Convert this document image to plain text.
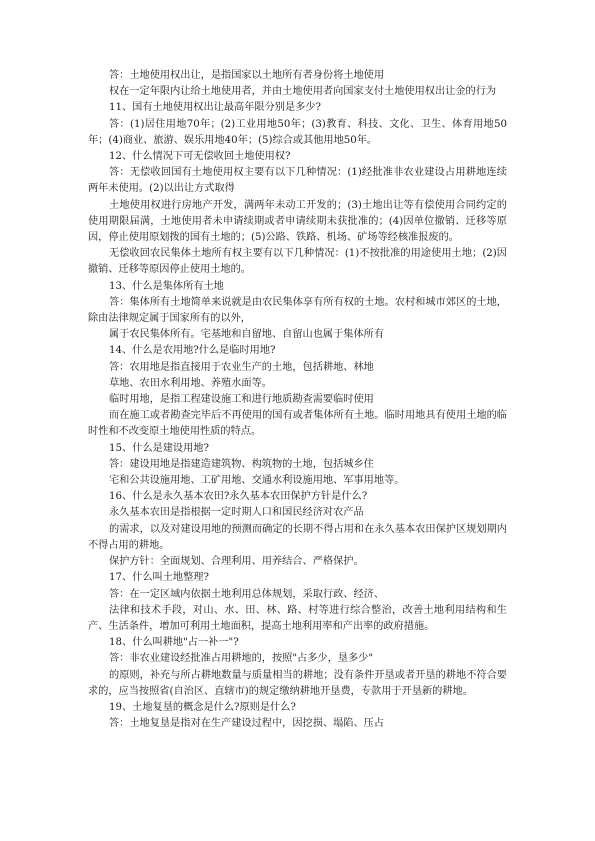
答：土地使用权出让，是指国家以土地所有者身份将土地使用

权在一定年限内让给土地使用者，并由土地使用者向国家支付土地使用权出让金的行为

11、国有土地使用权出让最高年限分别是多少?

答：(1)居住用地70年；(2)工业用地50年；(3)教育、科技、文化、卫生、体育用地50年；(4)商业、旅游、娱乐用地40年；(5)综合或其他用地50年。

12、什么情况下可无偿收回土地使用权?

答：无偿收回国有土地使用权主要有以下几种情况：(1)经批准非农业建设占用耕地连续两年未使用。(2)以出让方式取得

土地使用权进行房地产开发，满两年未动工开发的；(3)土地出让等有偿使用合同约定的使用期限届满，土地使用者未申请续期或者申请续期未获批准的；(4)因单位撤销、迁移等原因，停止使用原划拨的国有土地的；(5)公路、铁路、机场、矿场等经核准报废的。

无偿收回农民集体土地所有权主要有以下几种情况：(1)不按批准的用途使用土地；(2)因撤销、迁移等原因停止使用土地的。

13、什么是集体所有土地

答：集体所有土地简单来说就是由农民集体享有所有权的土地。农村和城市郊区的土地，除由法律规定属于国家所有的以外，

属于农民集体所有。宅基地和自留地、自留山也属于集体所有

14、什么是农用地?什么是临时用地?

答：农用地是指直接用于农业生产的土地，包括耕地、林地

草地、农田水利用地、养殖水面等。

临时用地，是指工程建设施工和进行地质勘查需要临时使用

而在施工或者勘查完毕后不再使用的国有或者集体所有土地。临时用地具有使用土地的临时性和不改变原土地使用性质的特点。

15、什么是建设用地?

答：建设用地是指建造建筑物、构筑物的土地，包括城乡住

宅和公共设施用地、工矿用地、交通水利设施用地、军事用地等。

16、什么是永久基本农田?永久基本农田保护方针是什么?

永久基本农田是指根据一定时期人口和国民经济对农产品

的需求，以及对建设用地的预测而确定的长期不得占用和在永久基本农田保护区规划期内不得占用的耕地。

保护方针：全面规划、合理利用、用养结合、严格保护。

17、什么叫土地整理?

答：在一定区域内依据土地利用总体规划，采取行政、经济、

法律和技术手段，对山、水、田、林、路、村等进行综合整治，改善土地利用结构和生产、生活条件，增加可利用土地面积，提高土地利用率和产出率的政府措施。

18、什么叫耕地"占一补一"?

答：非农业建设经批准占用耕地的，按照"占多少，垦多少"

的原则，补充与所占耕地数量与质量相当的耕地；没有条件开垦或者开垦的耕地不符合要求的，应当按照省(自治区、直辖市)的规定缴纳耕地开垦费，专款用于开垦新的耕地。

19、土地复垦的概念是什么?原则是什么?

答：土地复垦是指对在生产建设过程中，因挖损、塌陷、压占
